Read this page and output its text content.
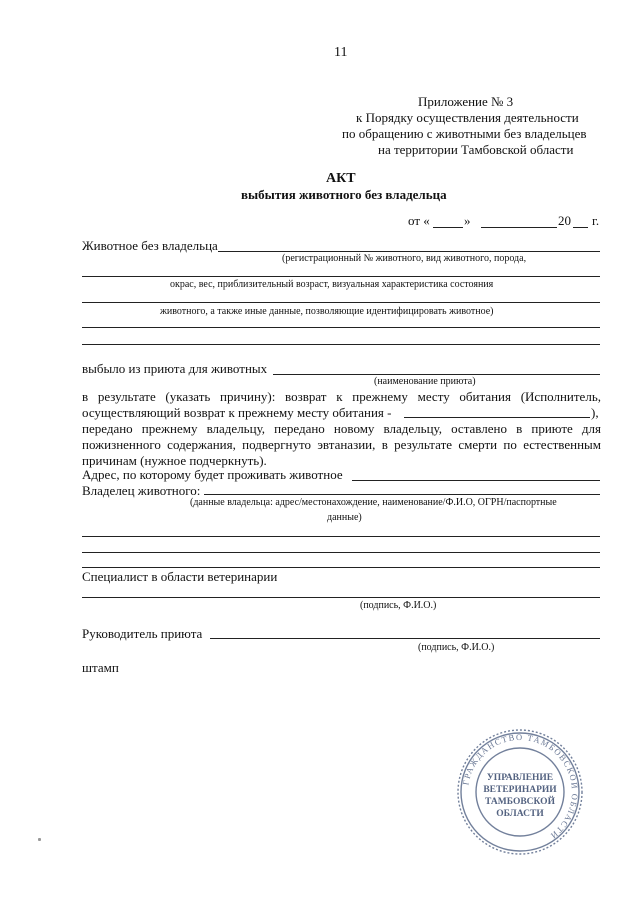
11
Приложение № 3
к Порядку осуществления деятельности
по обращению с животными без владельцев
на территории Тамбовской области
АКТ
выбытия животного без владельца
от «	»	20 г.
Животное без владельца
(регистрационный № животного, вид животного, порода,
окрас, вес, приблизительный возраст, визуальная характеристика состояния
животного, а также иные данные, позволяющие идентифицировать животное)
выбыло из приюта для животных
(наименование приюта)
в результате (указать причину): возврат к прежнему месту обитания (Исполнитель,
осуществляющий возврат к прежнему месту обитания -	),
передано прежнему владельцу, передано новому владельцу, оставлено в приюте для
пожизненного содержания, подвергнуто эвтаназии, в результате смерти по естественным
причинам (нужное подчеркнуть).
Адрес, по которому будет проживать животное
Владелец животного:
(данные владельца: адрес/местонахождение, наименование/Ф.И.О, ОГРН/паспортные
данные)
Специалист в области ветеринарии
(подпись, Ф.И.О.)
Руководитель приюта
(подпись, Ф.И.О.)
штамп
ГРАЖДАНСТВО ТАМБОВСКОЙ ОБЛАСТИ
УПРАВЛЕНИЕ
ВЕТЕРИНАРИИ
ТАМБОВСКОЙ
ОБЛАСТИ
